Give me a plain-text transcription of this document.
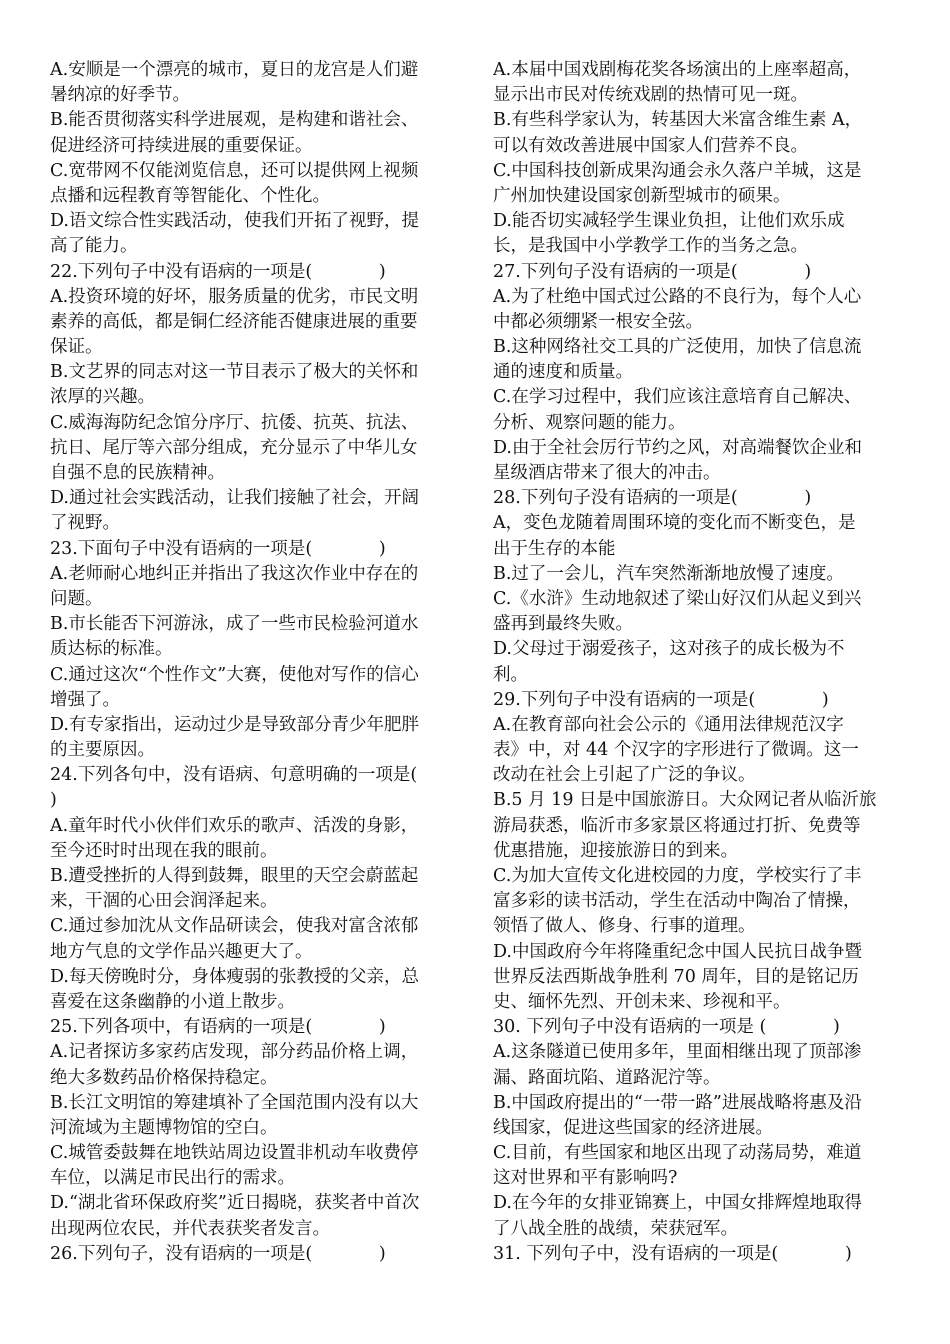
A.安顺是一个漂亮的城市，夏日的龙宫是人们避
暑纳凉的好季节。
B.能否贯彻落实科学进展观，是构建和谐社会、
促进经济可持续进展的重要保证。
C.宽带网不仅能浏览信息，还可以提供网上视频
点播和远程教育等智能化、个性化。
D.语文综合性实践活动，使我们开拓了视野，提
高了能力。
22.下列句子中没有语病的一项是(            )
A.投资环境的好坏，服务质量的优劣，市民文明
素养的高低，都是铜仁经济能否健康进展的重要
保证。
B.文艺界的同志对这一节目表示了极大的关怀和
浓厚的兴趣。
C.威海海防纪念馆分序厅、抗倭、抗英、抗法、
抗日、尾厅等六部分组成，充分显示了中华儿女
自强不息的民族精神。
D.通过社会实践活动，让我们接触了社会，开阔
了视野。
23.下面句子中没有语病的一项是(            )
A.老师耐心地纠正并指出了我这次作业中存在的
问题。
B.市长能否下河游泳，成了一些市民检验河道水
质达标的标准。
C.通过这次“个性作文”大赛，使他对写作的信心
增强了。
D.有专家指出，运动过少是导致部分青少年肥胖
的主要原因。
24.下列各句中，没有语病、句意明确的一项是(
)
A.童年时代小伙伴们欢乐的歌声、活泼的身影，
至今还时时出现在我的眼前。
B.遭受挫折的人得到鼓舞，眼里的天空会蔚蓝起
来，干涸的心田会润泽起来。
C.通过参加沈从文作品研读会，使我对富含浓郁
地方气息的文学作品兴趣更大了。
D.每天傍晚时分，身体瘦弱的张教授的父亲，总
喜爱在这条幽静的小道上散步。
25.下列各项中，有语病的一项是(            )
A.记者探访多家药店发现，部分药品价格上调，
绝大多数药品价格保持稳定。
B.长江文明馆的筹建填补了全国范围内没有以大
河流域为主题博物馆的空白。
C.城管委鼓舞在地铁站周边设置非机动车收费停
车位，以满足市民出行的需求。
D.“湖北省环保政府奖”近日揭晓，获奖者中首次
出现两位农民，并代表获奖者发言。
26.下列句子，没有语病的一项是(            )
A.本届中国戏剧梅花奖各场演出的上座率超高，
显示出市民对传统戏剧的热情可见一斑。
B.有些科学家认为，转基因大米富含维生素 A，
可以有效改善进展中国家人们营养不良。
C.中国科技创新成果沟通会永久落户羊城，这是
广州加快建设国家创新型城市的硕果。
D.能否切实减轻学生课业负担，让他们欢乐成
长，是我国中小学教学工作的当务之急。
27.下列句子没有语病的一项是(            )
A.为了杜绝中国式过公路的不良行为，每个人心
中都必须绷紧一根安全弦。
B.这种网络社交工具的广泛使用，加快了信息流
通的速度和质量。
C.在学习过程中，我们应该注意培育自己解决、
分析、观察问题的能力。
D.由于全社会厉行节约之风，对高端餐饮企业和
星级酒店带来了很大的冲击。
28.下列句子没有语病的一项是(            )
A，变色龙随着周围环境的变化而不断变色，是
出于生存的本能
B.过了一会儿，汽车突然渐渐地放慢了速度。
C.《水浒》生动地叙述了梁山好汉们从起义到兴
盛再到最终失败。
D.父母过于溺爱孩子，这对孩子的成长极为不
利。
29.下列句子中没有语病的一项是(            )
A.在教育部向社会公示的《通用法律规范汉字
表》中，对 44 个汉字的字形进行了微调。这一
改动在社会上引起了广泛的争议。
B.5 月 19 日是中国旅游日。大众网记者从临沂旅
游局获悉，临沂市多家景区将通过打折、免费等
优惠措施，迎接旅游日的到来。
C.为加大宣传文化进校园的力度，学校实行了丰
富多彩的读书活动，学生在活动中陶冶了情操，
领悟了做人、修身、行事的道理。
D.中国政府今年将隆重纪念中国人民抗日战争暨
世界反法西斯战争胜利 70 周年，目的是铭记历
史、缅怀先烈、开创未来、珍视和平。
30. 下列句子中没有语病的一项是 (            )
A.这条隧道已使用多年，里面相继出现了顶部渗
漏、路面坑陷、道路泥泞等。
B.中国政府提出的“一带一路”进展战略将惠及沿
线国家，促进这些国家的经济进展。
C.目前，有些国家和地区出现了动荡局势，难道
这对世界和平有影响吗?
D.在今年的女排亚锦赛上，中国女排辉煌地取得
了八战全胜的战绩，荣获冠军。
31. 下列句子中，没有语病的一项是(            )
